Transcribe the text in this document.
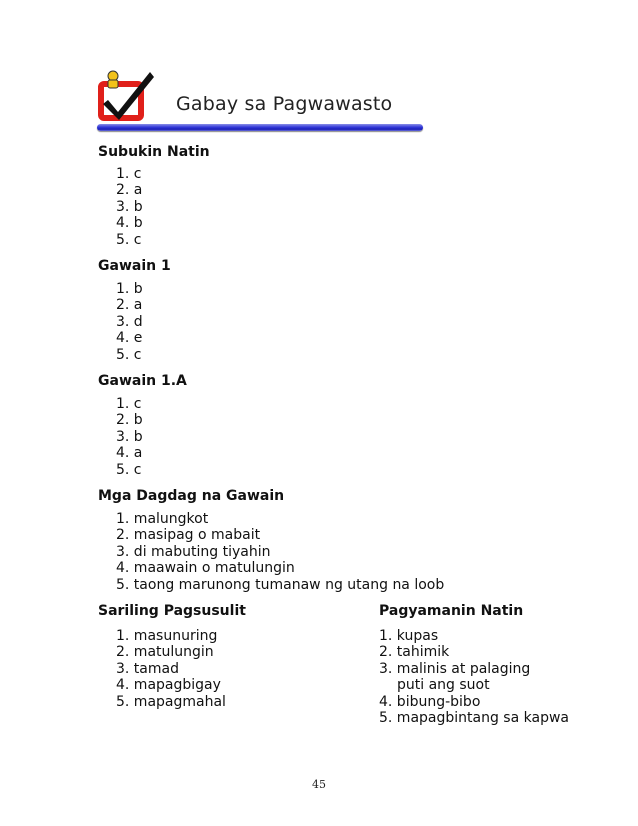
Gabay sa Pagwawasto
Subukin Natin
1. c
2. a
3. b
4. b
5. c
Gawain 1
1. b
2. a
3. d
4. e
5. c
Gawain 1.A
1. c
2. b
3. b
4. a
5. c
Mga Dagdag na Gawain
1. malungkot
2. masipag o mabait
3. di mabuting tiyahin
4. maawain o matulungin
5. taong marunong tumanaw ng utang na loob
Sariling Pagsusulit
1. masunuring
2. matulungin
3. tamad
4. mapagbigay
5. mapagmahal
Pagyamanin Natin
1. kupas
2. tahimik
3. malinis at palaging
puti ang suot
4. bibung-bibo
5. mapagbintang sa kapwa
45
